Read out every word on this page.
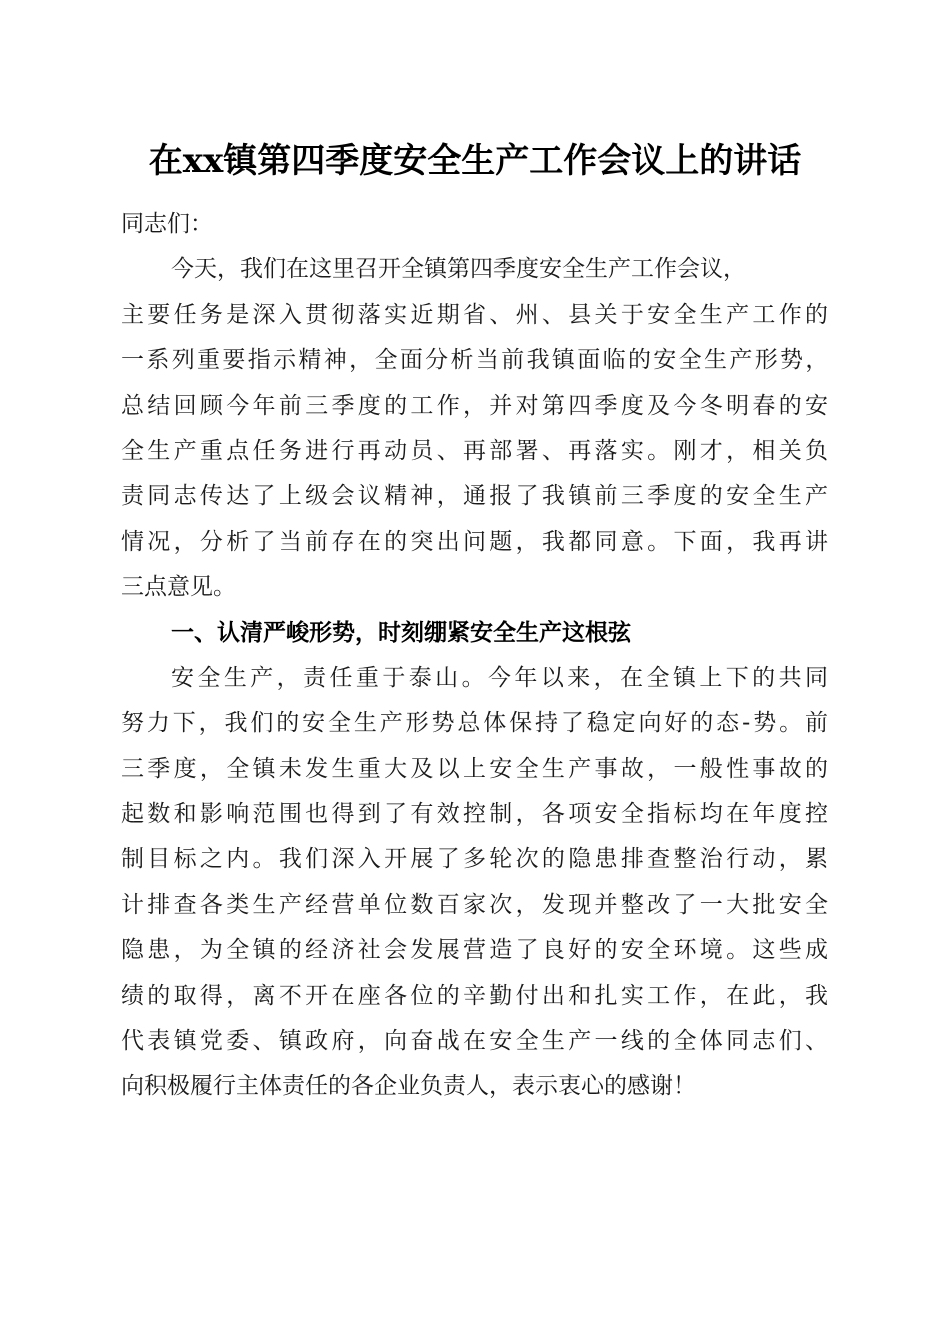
在xx镇第四季度安全生产工作会议上的讲话
同志们：
今天，我们在这里召开全镇第四季度安全生产工作会议，
主要任务是深入贯彻落实近期省、州、县关于安全生产工作的
一系列重要指示精神，全面分析当前我镇面临的安全生产形势，
总结回顾今年前三季度的工作，并对第四季度及今冬明春的安
全生产重点任务进行再动员、再部署、再落实。刚才，相关负
责同志传达了上级会议精神，通报了我镇前三季度的安全生产
情况，分析了当前存在的突出问题，我都同意。下面，我再讲
三点意见。
一、认清严峻形势，时刻绷紧安全生产这根弦
安全生产，责任重于泰山。今年以来，在全镇上下的共同
努力下，我们的安全生产形势总体保持了稳定向好的态-势。前
三季度，全镇未发生重大及以上安全生产事故，一般性事故的
起数和影响范围也得到了有效控制，各项安全指标均在年度控
制目标之内。我们深入开展了多轮次的隐患排查整治行动，累
计排查各类生产经营单位数百家次，发现并整改了一大批安全
隐患，为全镇的经济社会发展营造了良好的安全环境。这些成
绩的取得，离不开在座各位的辛勤付出和扎实工作，在此，我
代表镇党委、镇政府，向奋战在安全生产一线的全体同志们、
向积极履行主体责任的各企业负责人，表示衷心的感谢！
